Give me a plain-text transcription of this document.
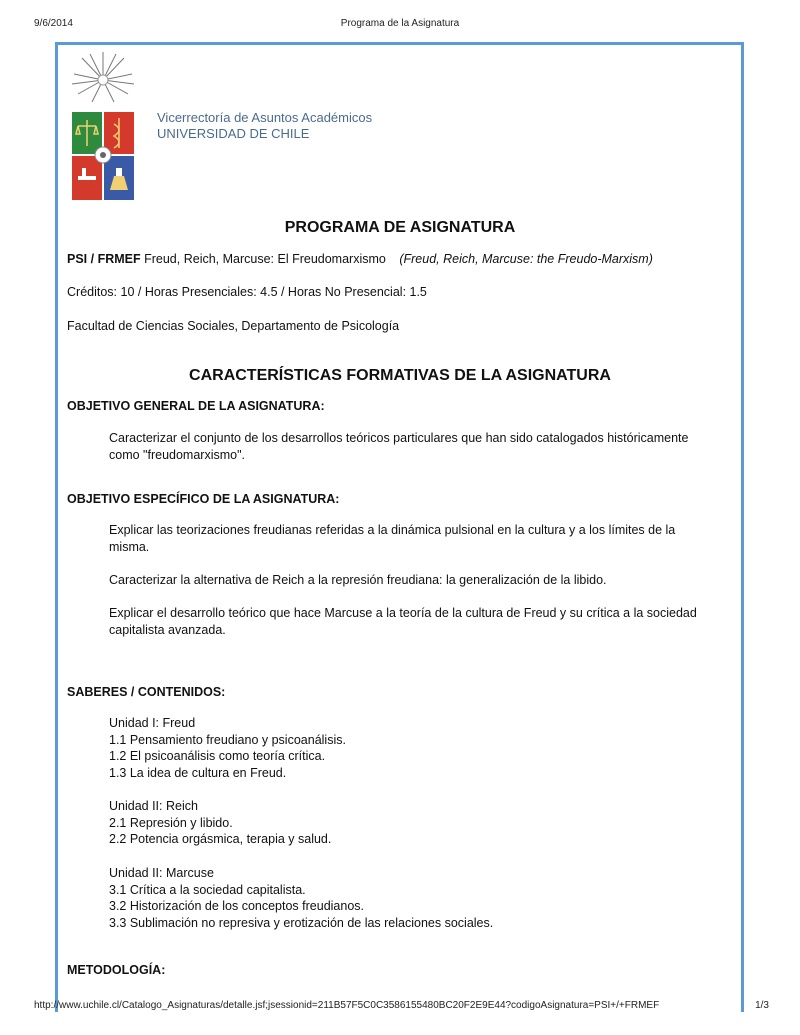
9/6/2014	Programa de la Asignatura
Vicerrectoría de Asuntos Académicos
UNIVERSIDAD DE CHILE
PROGRAMA DE ASIGNATURA
PSI / FRMEF Freud, Reich, Marcuse: El Freudomarxismo (Freud, Reich, Marcuse: the Freudo-Marxism)
Créditos: 10 / Horas Presenciales: 4.5 / Horas No Presencial: 1.5
Facultad de Ciencias Sociales, Departamento de Psicología
CARACTERÍSTICAS FORMATIVAS DE LA ASIGNATURA
OBJETIVO GENERAL DE LA ASIGNATURA:
Caracterizar el conjunto de los desarrollos teóricos particulares que han sido catalogados históricamente como "freudomarxismo".
OBJETIVO ESPECÍFICO DE LA ASIGNATURA:
Explicar las teorizaciones freudianas referidas a la dinámica pulsional en la cultura y a los límites de la misma.
Caracterizar la alternativa de Reich a la represión freudiana: la generalización de la libido.
Explicar el desarrollo teórico que hace Marcuse a la teoría de la cultura de Freud y su crítica a la sociedad capitalista avanzada.
SABERES / CONTENIDOS:
Unidad I: Freud
1.1 Pensamiento freudiano y psicoanálisis.
1.2 El psicoanálisis como teoría crítica.
1.3 La idea de cultura en Freud.
Unidad II: Reich
2.1 Represión y libido.
2.2 Potencia orgásmica, terapia y salud.
Unidad II: Marcuse
3.1 Crítica a la sociedad capitalista.
3.2 Historización de los conceptos freudianos.
3.3 Sublimación no represiva y erotización de las relaciones sociales.
METODOLOGÍA:
http://www.uchile.cl/Catalogo_Asignaturas/detalle.jsf;jsessionid=211B57F5C0C3586155480BC20F2E9E44?codigoAsignatura=PSI+/+FRMEF	1/3
